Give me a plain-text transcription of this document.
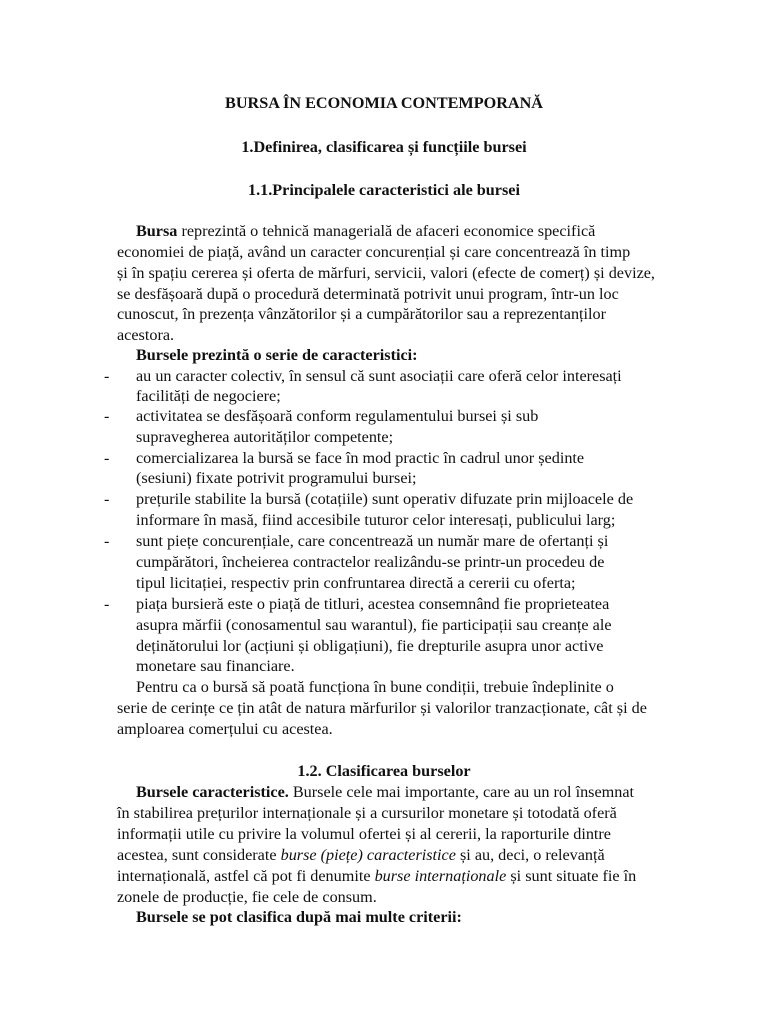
BURSA ÎN ECONOMIA CONTEMPORANĂ
1.Definirea, clasificarea și funcțiile bursei
1.1.Principalele caracteristici ale bursei
Bursa reprezintă o tehnică managerială de afaceri economice specifică
economiei de piață, având un caracter concurențial și care concentrează în timp
și în spațiu cererea și oferta de mărfuri, servicii, valori (efecte de comerț) și devize,
se desfășoară după o procedură determinată potrivit unui program, într-un loc
cunoscut, în prezența vânzătorilor și a cumpărătorilor sau a reprezentanților
acestora.
Bursele prezintă o serie de caracteristici:
- au un caracter colectiv, în sensul că sunt asociații care oferă celor interesați
facilități de negociere;
- activitatea se desfășoară conform regulamentului bursei și sub
supravegherea autorităților competente;
- comercializarea la bursă se face în mod practic în cadrul unor ședinte
(sesiuni) fixate potrivit programului bursei;
- prețurile stabilite la bursă (cotațiile) sunt operativ difuzate prin mijloacele de
informare în masă, fiind accesibile tuturor celor interesați, publicului larg;
- sunt piețe concurențiale, care concentrează un număr mare de ofertanți și
cumpărători, încheierea contractelor realizându-se printr-un procedeu de
tipul licitației, respectiv prin confruntarea directă a cererii cu oferta;
- piața bursieră este o piață de titluri, acestea consemnând fie proprieteatea
asupra mărfii (conosamentul sau warantul), fie participații sau creanțe ale
deținătorului lor (acțiuni și obligațiuni), fie drepturile asupra unor active
monetare sau financiare.
Pentru ca o bursă să poată funcționa în bune condiții, trebuie îndeplinite o
serie de cerințe ce țin atât de natura mărfurilor și valorilor tranzacționate, cât și de
amploarea comerțului cu acestea.
1.2. Clasificarea burselor
Bursele caracteristice. Bursele cele mai importante, care au un rol însemnat
în stabilirea prețurilor internaționale și a cursurilor monetare și totodată oferă
informații utile cu privire la volumul ofertei și al cererii, la raporturile dintre
acestea, sunt considerate burse (piețe) caracteristice și au, deci, o relevanță
internațională, astfel că pot fi denumite burse internaționale și sunt situate fie în
zonele de producție, fie cele de consum.
Bursele se pot clasifica după mai multe criterii:
